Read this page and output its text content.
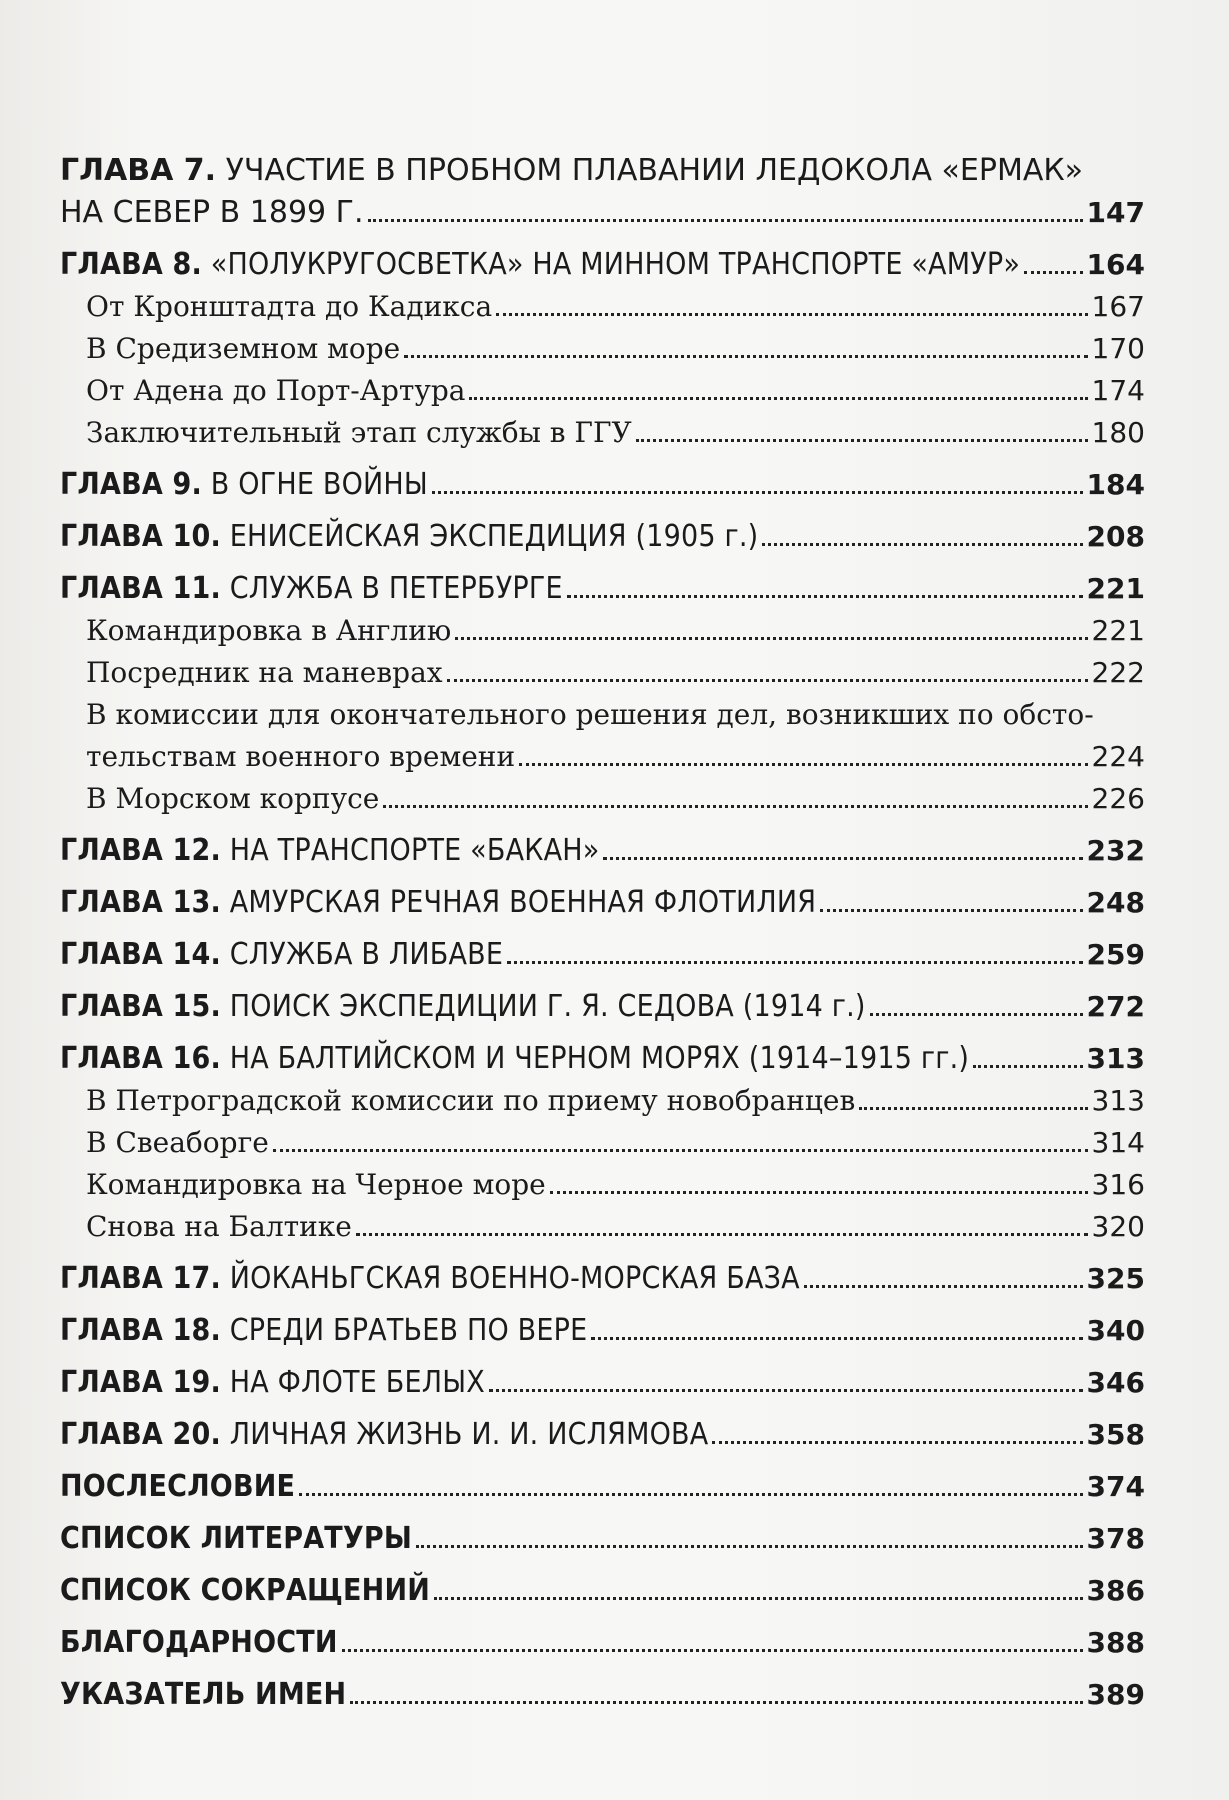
ГЛАВА 7. УЧАСТИЕ В ПРОБНОМ ПЛАВАНИИ ЛЕДОКОЛА «ЕРМАК»
НА СЕВЕР В 1899 Г.	147
ГЛАВА 8. «ПОЛУКРУГОСВЕТКА» НА МИННОМ ТРАНСПОРТЕ «АМУР» 164
От Кронштадта до Кадикса	167
В Средиземном море	170
От Адена до Порт-Артура	174
Заключительный этап службы в ГГУ	180
ГЛАВА 9. В ОГНЕ ВОЙНЫ	184
ГЛАВА 10. ЕНИСЕЙСКАЯ ЭКСПЕДИЦИЯ (1905 г.)	208
ГЛАВА 11. СЛУЖБА В ПЕТЕРБУРГЕ	221
Командировка в Англию	221
Посредник на маневрах	222
В комиссии для окончательного решения дел, возникших по обсто-
тельствам военного времени	224
В Морском корпусе	226
ГЛАВА 12. НА ТРАНСПОРТЕ «БАКАН»	232
ГЛАВА 13. АМУРСКАЯ РЕЧНАЯ ВОЕННАЯ ФЛОТИЛИЯ	248
ГЛАВА 14. СЛУЖБА В ЛИБАВЕ	259
ГЛАВА 15. ПОИСК ЭКСПЕДИЦИИ Г. Я. СЕДОВА (1914 г.)	272
ГЛАВА 16. НА БАЛТИЙСКОМ И ЧЕРНОМ МОРЯХ (1914–1915 гг.)	313
В Петроградской комиссии по приему новобранцев	313
В Свеаборге	314
Командировка на Черное море	316
Снова на Балтике	320
ГЛАВА 17. ЙОКАНЬГСКАЯ ВОЕННО-МОРСКАЯ БАЗА	325
ГЛАВА 18. СРЕДИ БРАТЬЕВ ПО ВЕРЕ	340
ГЛАВА 19. НА ФЛОТЕ БЕЛЫХ	346
ГЛАВА 20. ЛИЧНАЯ ЖИЗНЬ И. И. ИСЛЯМОВА	358
ПОСЛЕСЛОВИЕ	374
СПИСОК ЛИТЕРАТУРЫ	378
СПИСОК СОКРАЩЕНИЙ	386
БЛАГОДАРНОСТИ	388
УКАЗАТЕЛЬ ИМЕН	389
